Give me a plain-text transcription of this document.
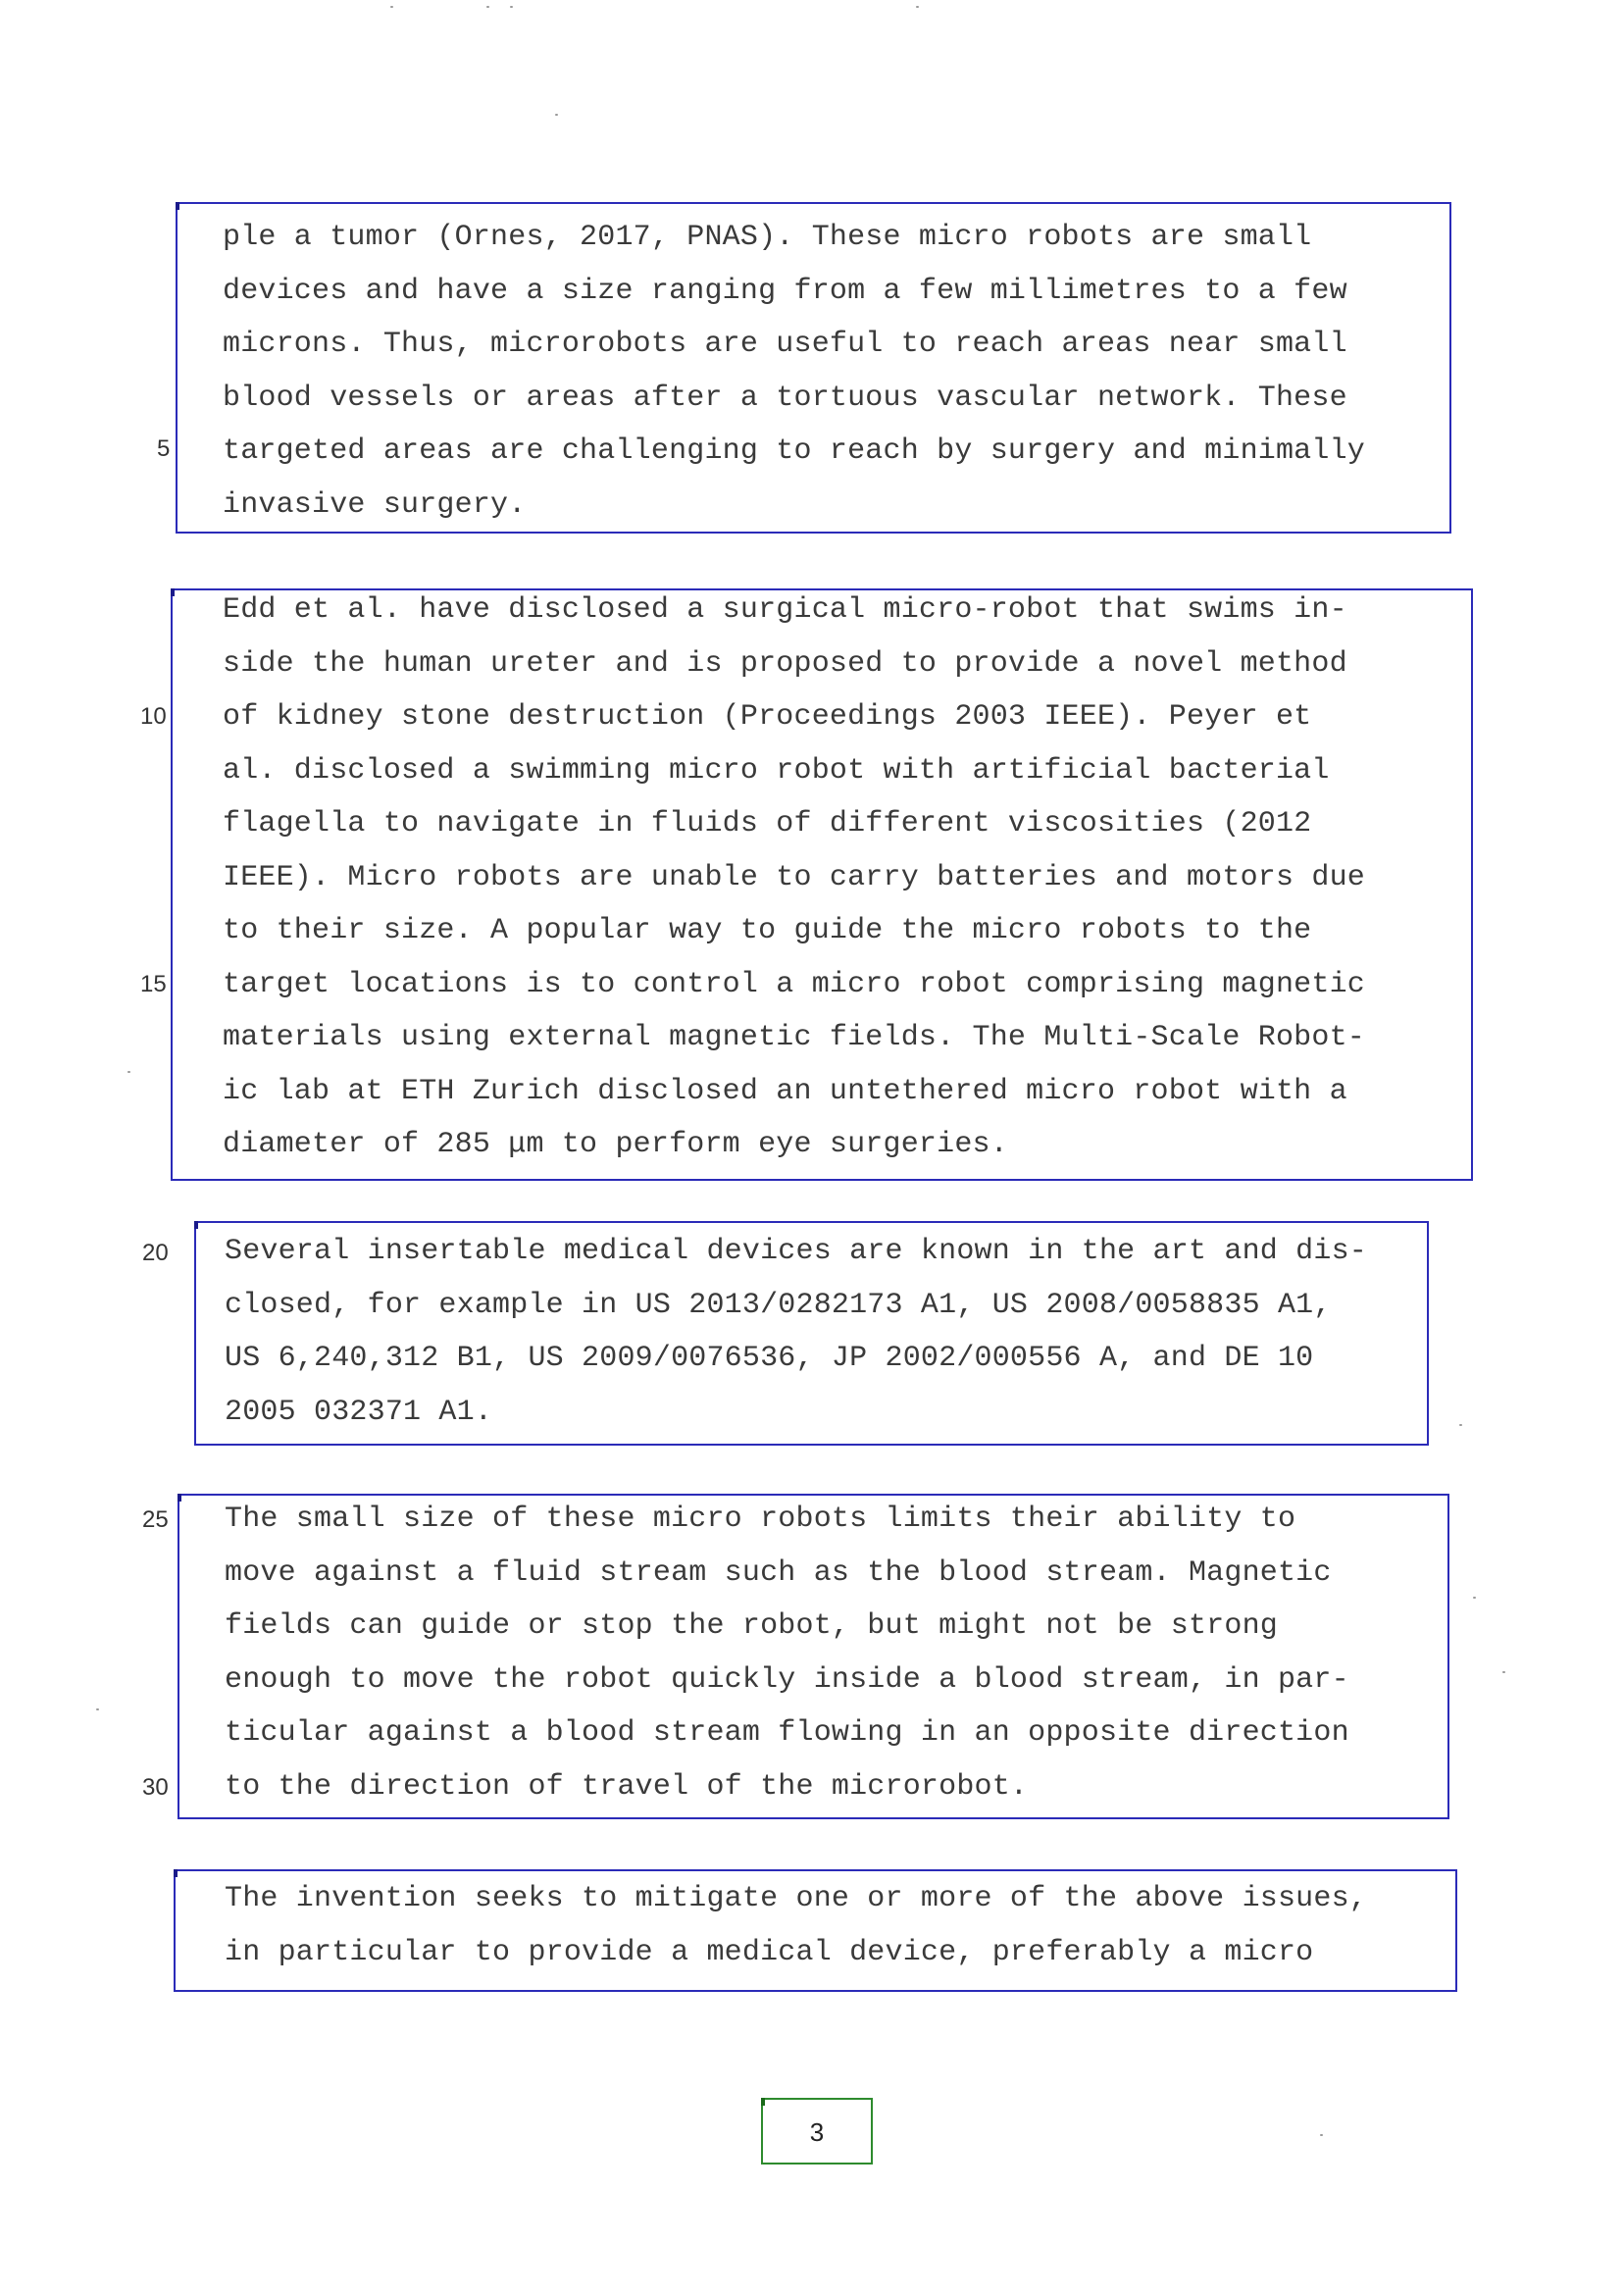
ple a tumor (Ornes, 2017, PNAS). These micro robots are small
devices and have a size ranging from a few millimetres to a few
microns. Thus, microrobots are useful to reach areas near small
blood vessels or areas after a tortuous vascular network. These
targeted areas are challenging to reach by surgery and minimally
invasive surgery.
Edd et al. have disclosed a surgical micro-robot that swims in-
side the human ureter and is proposed to provide a novel method
of kidney stone destruction (Proceedings 2003 IEEE). Peyer et
al. disclosed a swimming micro robot with artificial bacterial
flagella to navigate in fluids of different viscosities (2012
IEEE). Micro robots are unable to carry batteries and motors due
to their size. A popular way to guide the micro robots to the
target locations is to control a micro robot comprising magnetic
materials using external magnetic fields. The Multi-Scale Robot-
ic lab at ETH Zurich disclosed an untethered micro robot with a
diameter of 285 μm to perform eye surgeries.
Several insertable medical devices are known in the art and dis-
closed, for example in US 2013/0282173 A1, US 2008/0058835 A1,
US 6,240,312 B1, US 2009/0076536, JP 2002/000556 A, and DE 10
2005 032371 A1.
The small size of these micro robots limits their ability to
move against a fluid stream such as the blood stream. Magnetic
fields can guide or stop the robot, but might not be strong
enough to move the robot quickly inside a blood stream, in par-
ticular against a blood stream flowing in an opposite direction
to the direction of travel of the microrobot.
The invention seeks to mitigate one or more of the above issues,
in particular to provide a medical device, preferably a micro
5
10
15
20
25
30
3
